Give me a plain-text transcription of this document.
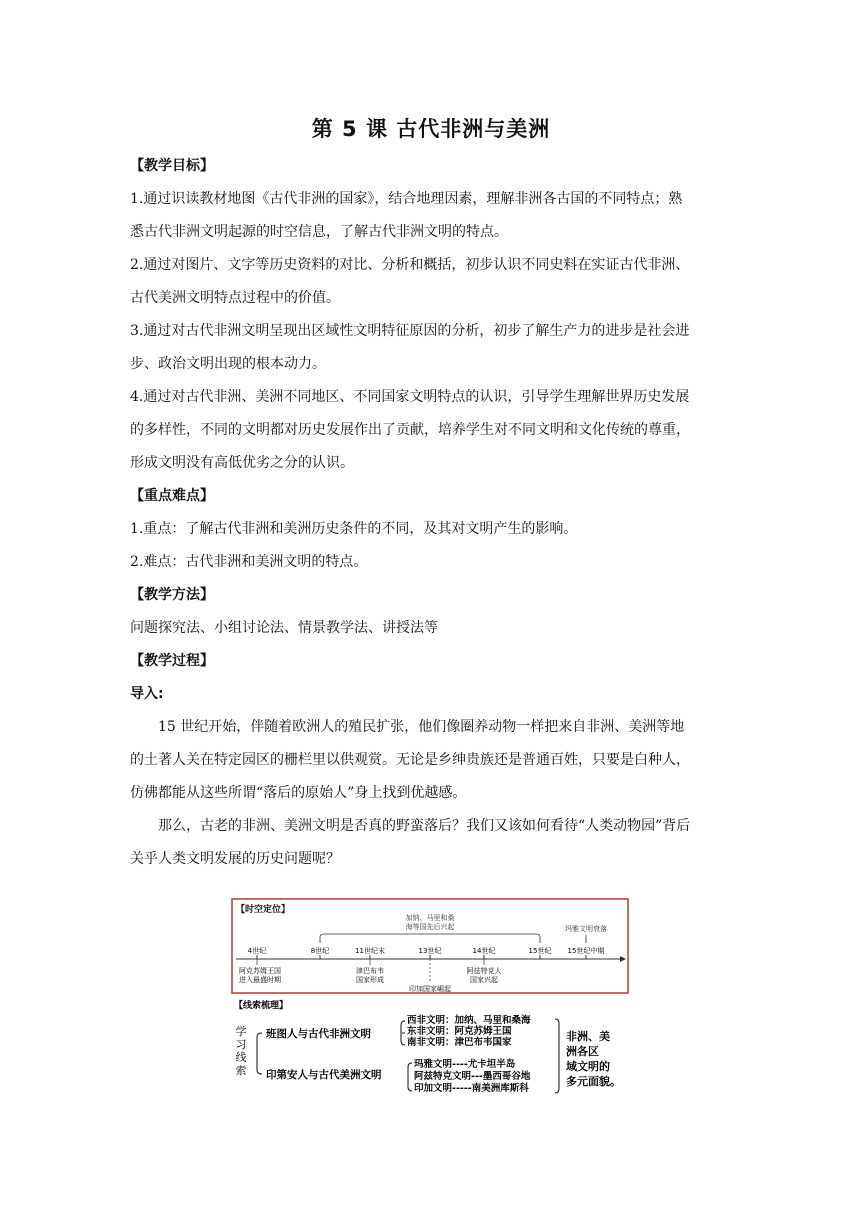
第 5 课 古代非洲与美洲
【教学目标】
1.通过识读教材地图《古代非洲的国家》，结合地理因素，理解非洲各古国的不同特点；熟
悉古代非洲文明起源的时空信息，了解古代非洲文明的特点。
2.通过对图片、文字等历史资料的对比、分析和概括，初步认识不同史料在实证古代非洲、
古代美洲文明特点过程中的价值。
3.通过对古代非洲文明呈现出区域性文明特征原因的分析，初步了解生产力的进步是社会进
步、政治文明出现的根本动力。
4.通过对古代非洲、美洲不同地区、不同国家文明特点的认识，引导学生理解世界历史发展
的多样性，不同的文明都对历史发展作出了贡献，培养学生对不同文明和文化传统的尊重，
形成文明没有高低优劣之分的认识。
【重点难点】
1.重点：了解古代非洲和美洲历史条件的不同，及其对文明产生的影响。
2.难点：古代非洲和美洲文明的特点。
【教学方法】
问题探究法、小组讨论法、情景教学法、讲授法等
【教学过程】
导入:
15 世纪开始，伴随着欧洲人的殖民扩张，他们像圈养动物一样把来自非洲、美洲等地
的土著人关在特定园区的栅栏里以供观赏。无论是乡绅贵族还是普通百姓，只要是白种人，
仿佛都能从这些所谓“落后的原始人”身上找到优越感。
那么，古老的非洲、美洲文明是否真的野蛮落后？我们又该如何看待“人类动物园”背后
关乎人类文明发展的历史问题呢？
【时空定位】
加纳、马里和桑
海等国先后兴起	玛雅文明衰落
4世纪	8世纪	11世纪末	13世纪	14世纪	15世纪 15世纪中期
阿克苏姆王国
进入最盛时期
津巴布韦
国家形成
印加国家崛起
阿兹特克人
国家兴起
【线索梳理】
学
习
线
索
班图人与古代非洲文明
印第安人与古代美洲文明
西非文明：加纳、马里和桑海
东非文明：阿克苏姆王国
南非文明：津巴布韦国家
玛雅文明----尤卡坦半岛
阿兹特克文明---墨西哥谷地
印加文明-----南美洲库斯科
非洲、美
洲各区
域文明的
多元面貌。
